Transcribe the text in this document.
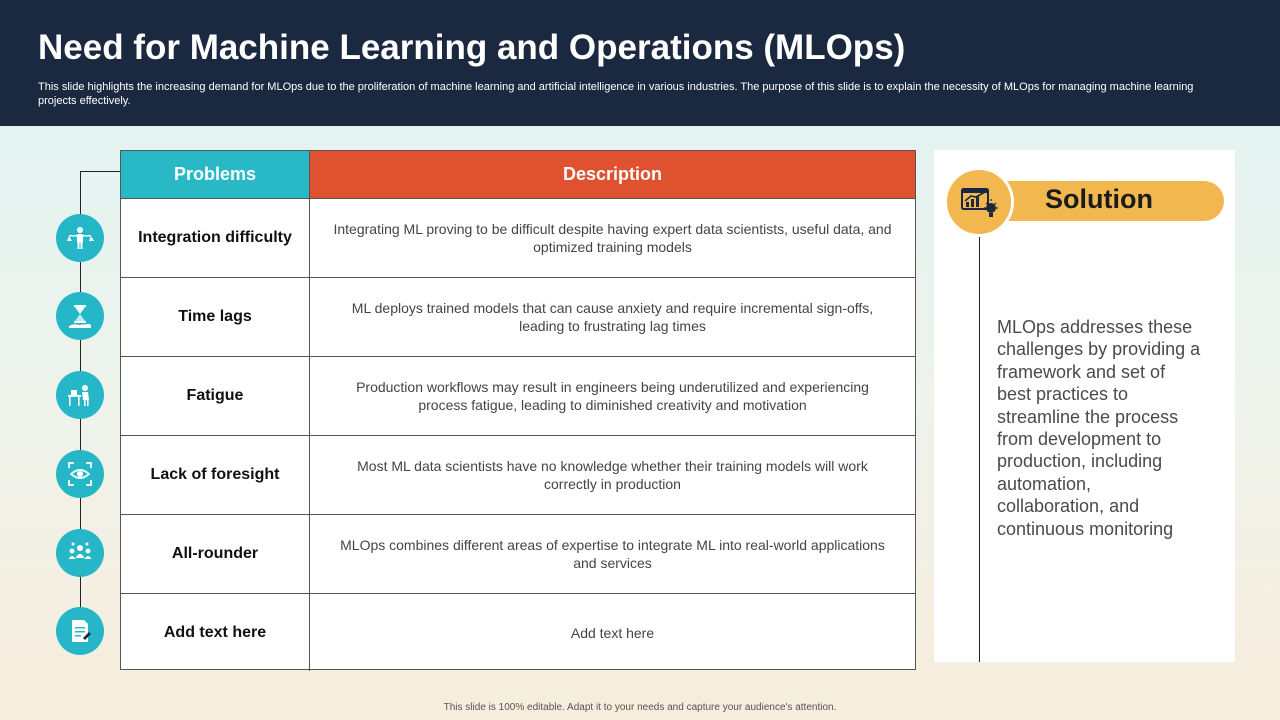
Need for Machine Learning and Operations (MLOps)
This slide highlights the increasing demand for MLOps due to the proliferation of machine learning and artificial intelligence in various industries. The purpose of this slide is to explain the necessity of MLOps for managing machine learning projects effectively.
Problems	Description
Integration difficulty	Integrating ML proving to be difficult despite having expert data scientists, useful data, and optimized training models
Time lags	ML deploys trained models that can cause anxiety and require incremental sign-offs, leading to frustrating lag times
Fatigue	Production workflows may result in engineers being underutilized and experiencing process fatigue, leading to diminished creativity and motivation
Lack of foresight	Most ML data scientists have no knowledge whether their training models will work correctly in production
All-rounder	MLOps combines different areas of expertise to integrate ML into real-world applications and services
Add text here	Add text here
Solution
MLOps addresses these challenges by providing a framework and set of best practices to streamline the process from development to production, including automation, collaboration, and continuous monitoring
This slide is 100% editable. Adapt it to your needs and capture your audience's attention.
